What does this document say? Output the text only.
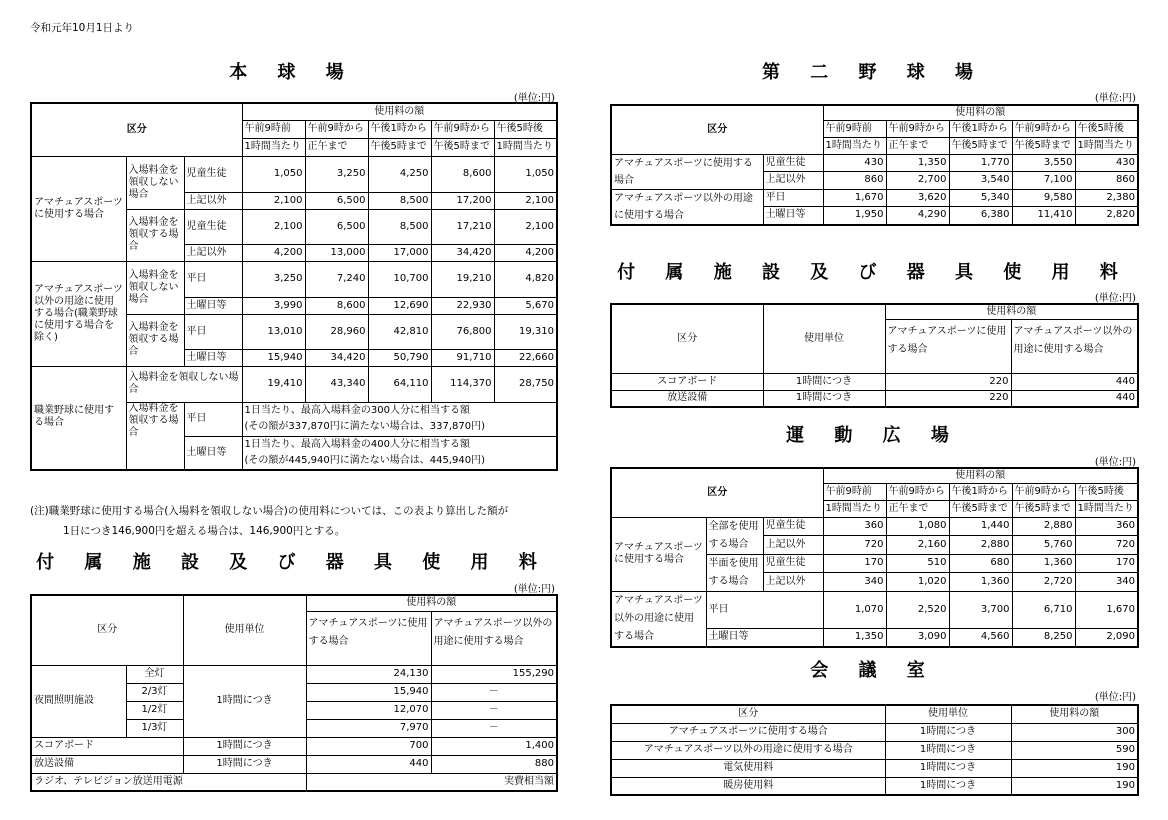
令和元年10月1日より
本 球 場
(単位:円)
区分			使用料の額				
			午前9時前	午前9時から	午後1時から	午前9時から	午後5時後
			1時間当たり	正午まで	午後5時まで	午後5時まで	1時間当たり
アマチュアスポーツに使用する場合	入場料金を領収しない場合	児童生徒	1,050	3,250	4,250	8,600	1,050
		上記以外	2,100	6,500	8,500	17,200	2,100
	入場料金を領収する場合	児童生徒	2,100	6,500	8,500	17,210	2,100
		上記以外	4,200	13,000	17,000	34,420	4,200
アマチュアスポーツ以外の用途に使用する場合(職業野球に使用する場合を除く)	入場料金を領収しない場合	平日	3,250	7,240	10,700	19,210	4,820
		土曜日等	3,990	8,600	12,690	22,930	5,670
	入場料金を領収する場合	平日	13,010	28,960	42,810	76,800	19,310
		土曜日等	15,940	34,420	50,790	91,710	22,660
職業野球に使用する場合	入場料金を領収しない場合		19,410	43,340	64,110	114,370	28,750
	入場料金を領収する場合	平日	1日当たり、最高入場料金の300人分に相当する額
(その額が337,870円に満たない場合は、337,870円)				

		土曜日等	1日当たり、最高入場料金の400人分に相当する額
(その額が445,940円に満たない場合は、445,940円)				
(注)職業野球に使用する場合(入場料を領収しない場合)の使用料については、この表より算出した額が
1日につき146,900円を超える場合は、146,900円とする。
付 属 施 設 及 び 器 具 使 用 料
(単位:円)
区分		使用単位	使用料の額	
			アマチュアスポーツに使用する場合	アマチュアスポーツ以外の用途に使用する場合

夜間照明施設	全灯	1時間につき	24,130	155,290
	2/3灯		15,940	－
	1/2灯		12,070	－
	1/3灯		7,970	－
スコアボード		1時間につき	700	1,400
放送設備		1時間につき	440	880
ラジオ、テレビジョン放送用電源			実費相当額	
第 二 野 球 場
(単位:円)
区分		使用料の額				
		午前9時前	午前9時から	午後1時から	午前9時から	午後5時後
		1時間当たり	正午まで	午後5時まで	午後5時まで	1時間当たり
アマチュアスポーツに使用する場合	児童生徒	430	1,350	1,770	3,550	430
	上記以外	860	2,700	3,540	7,100	860
アマチュアスポーツ以外の用途に使用する場合	平日	1,670	3,620	5,340	9,580	2,380
	土曜日等	1,950	4,290	6,380	11,410	2,820
付 属 施 設 及 び 器 具 使 用 料
(単位:円)
区分	使用単位	使用料の額	
		アマチュアスポーツに使用する場合	アマチュアスポーツ以外の用途に使用する場合
スコアボード	1時間につき	220	440
放送設備	1時間につき	220	440
運 動 広 場
(単位:円)
区分			使用料の額				
			午前9時前	午前9時から	午後1時から	午前9時から	午後5時後
			1時間当たり	正午まで	午後5時まで	午後5時まで	1時間当たり
アマチュアスポーツに使用する場合	全部を使用する場合	児童生徒	360	1,080	1,440	2,880	360
		上記以外	720	2,160	2,880	5,760	720
	半面を使用する場合	児童生徒	170	510	680	1,360	170
		上記以外	340	1,020	1,360	2,720	340
アマチュアスポーツ以外の用途に使用する場合	平日		1,070	2,520	3,700	6,710	1,670
	土曜日等		1,350	3,090	4,560	8,250	2,090
会 議 室
(単位:円)
区分	使用単位	使用料の額
アマチュアスポーツに使用する場合	1時間につき	300
アマチュアスポーツ以外の用途に使用する場合	1時間につき	590
電気使用料	1時間につき	190
暖房使用料	1時間につき	190
